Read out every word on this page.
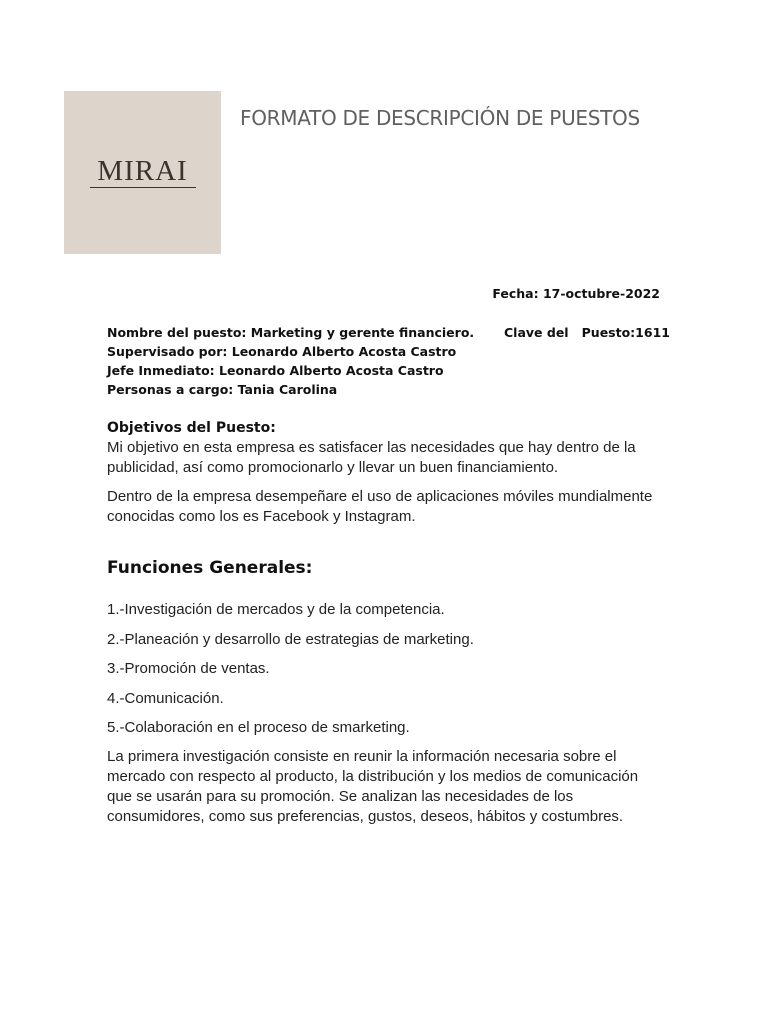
MIRAI
FORMATO DE DESCRIPCIÓN DE PUESTOS
Fecha: 17-octubre-2022
Nombre del puesto: Marketing y gerente financiero. Clave del   Puesto:1611
Supervisado por: Leonardo Alberto Acosta Castro
Jefe Inmediato: Leonardo Alberto Acosta Castro
Personas a cargo: Tania Carolina
Objetivos del Puesto:
Mi objetivo en esta empresa es satisfacer las necesidades que hay dentro de la publicidad, así como promocionarlo y llevar un buen financiamiento.
Dentro de la empresa desempeñare el uso de aplicaciones móviles mundialmente conocidas como los es Facebook y Instagram.
Funciones Generales:
1.-Investigación de mercados y de la competencia.
2.-Planeación y desarrollo de estrategias de marketing.
3.-Promoción de ventas.
4.-Comunicación.
5.-Colaboración en el proceso de smarketing.
La primera investigación consiste en reunir la información necesaria sobre el mercado con respecto al producto, la distribución y los medios de comunicación que se usarán para su promoción. Se analizan las necesidades de los consumidores, como sus preferencias, gustos, deseos, hábitos y costumbres.
